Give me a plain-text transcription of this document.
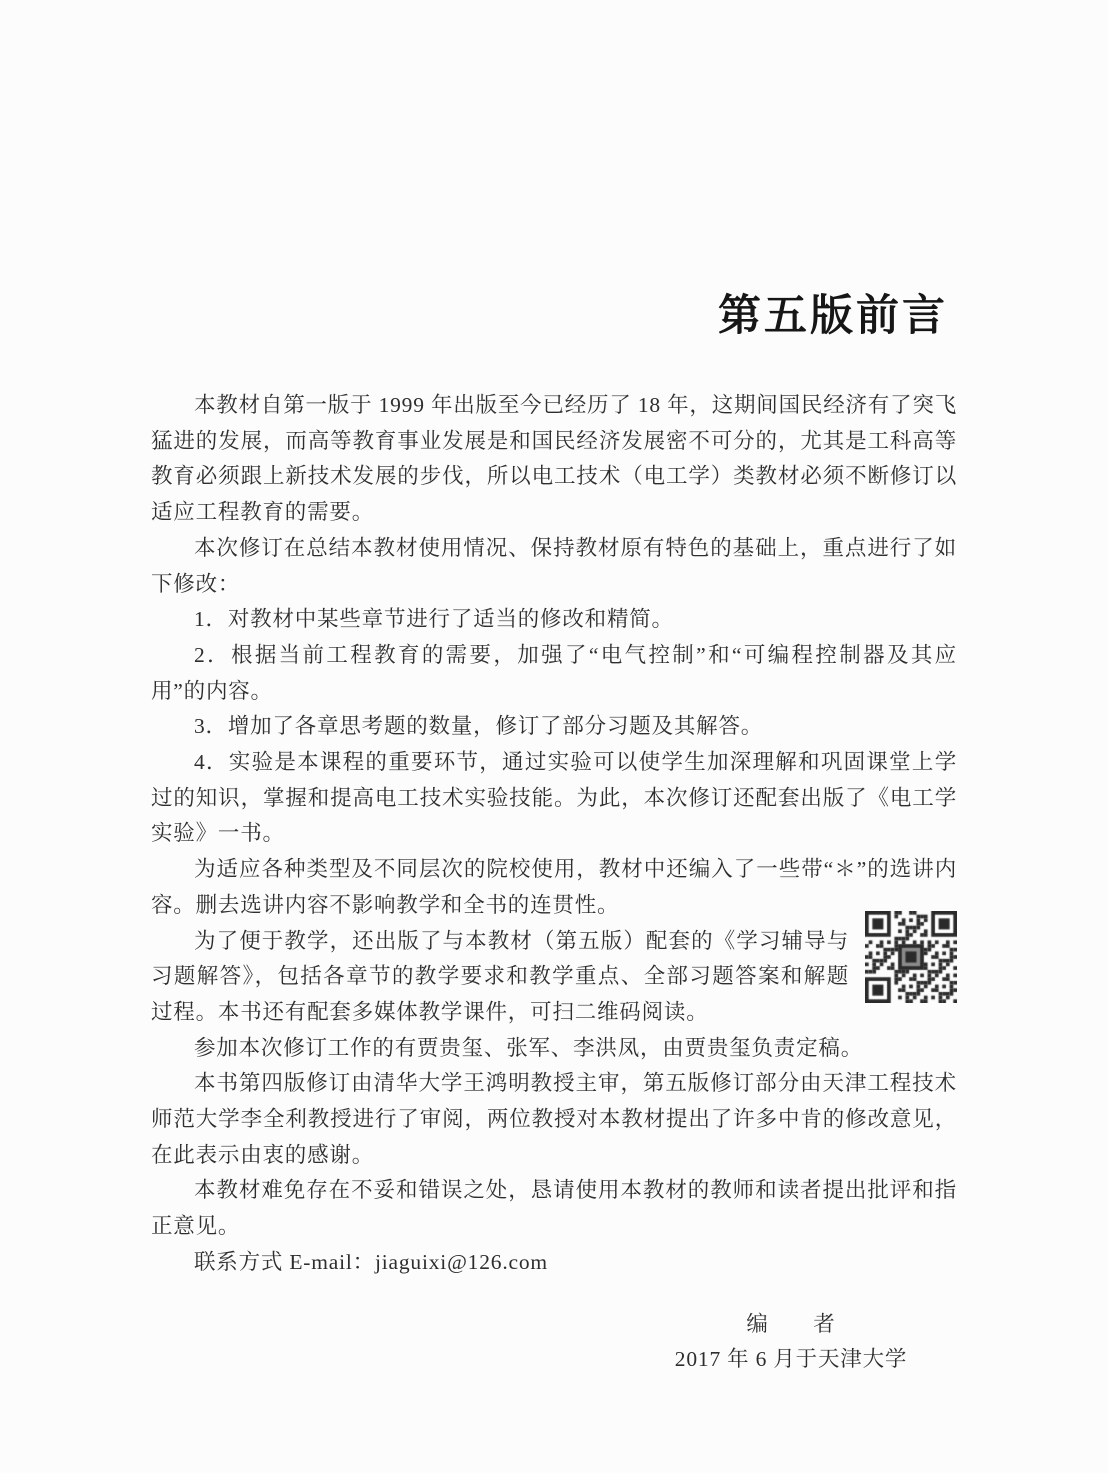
第五版前言

本教材自第一版于 1999 年出版至今已经历了 18 年，这期间国民经济有了突飞猛进的发展，而高等教育事业发展是和国民经济发展密不可分的，尤其是工科高等教育必须跟上新技术发展的步伐，所以电工技术（电工学）类教材必须不断修订以适应工程教育的需要。

本次修订在总结本教材使用情况、保持教材原有特色的基础上，重点进行了如下修改：

1．对教材中某些章节进行了适当的修改和精简。

2．根据当前工程教育的需要，加强了“电气控制”和“可编程控制器及其应用”的内容。

3．增加了各章思考题的数量，修订了部分习题及其解答。

4．实验是本课程的重要环节，通过实验可以使学生加深理解和巩固课堂上学过的知识，掌握和提高电工技术实验技能。为此，本次修订还配套出版了《电工学实验》一书。

为适应各种类型及不同层次的院校使用，教材中还编入了一些带“＊”的选讲内容。删去选讲内容不影响教学和全书的连贯性。

为了便于教学，还出版了与本教材（第五版）配套的《学习辅导与习题解答》，包括各章节的教学要求和教学重点、全部习题答案和解题过程。本书还有配套多媒体教学课件，可扫二维码阅读。

参加本次修订工作的有贾贵玺、张军、李洪凤，由贾贵玺负责定稿。

本书第四版修订由清华大学王鸿明教授主审，第五版修订部分由天津工程技术师范大学李全利教授进行了审阅，两位教授对本教材提出了许多中肯的修改意见，在此表示由衷的感谢。

本教材难免存在不妥和错误之处，恳请使用本教材的教师和读者提出批评和指正意见。

联系方式 E-mail：jiaguixi@126.com

编　　者

2017 年 6 月于天津大学
